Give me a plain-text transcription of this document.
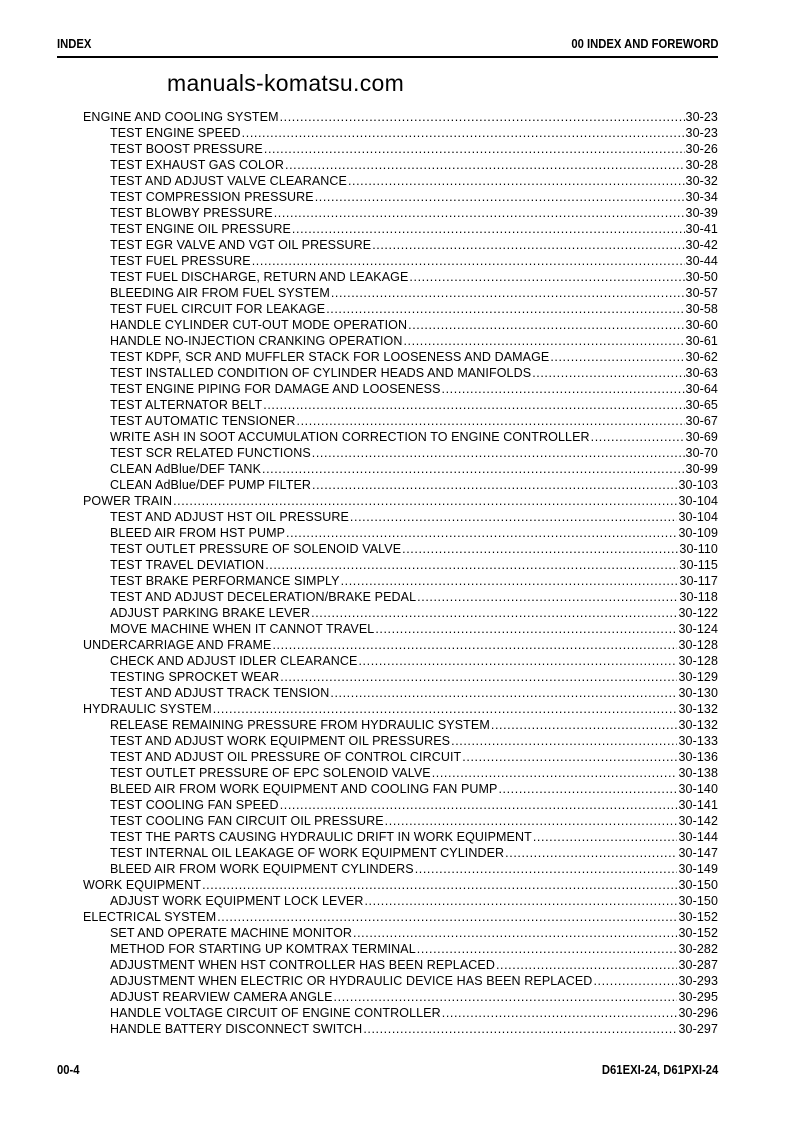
INDEX	00 INDEX AND FOREWORD
manuals-komatsu.com
ENGINE AND COOLING SYSTEM .....	30-23
TEST ENGINE SPEED .....	30-23
TEST BOOST PRESSURE .....	30-26
TEST EXHAUST GAS COLOR .....	30-28
TEST AND ADJUST VALVE CLEARANCE .....	30-32
TEST COMPRESSION PRESSURE .....	30-34
TEST BLOWBY PRESSURE .....	30-39
TEST ENGINE OIL PRESSURE .....	30-41
TEST EGR VALVE AND VGT OIL PRESSURE .....	30-42
TEST FUEL PRESSURE .....	30-44
TEST FUEL DISCHARGE, RETURN AND LEAKAGE .....	30-50
BLEEDING AIR FROM FUEL SYSTEM .....	30-57
TEST FUEL CIRCUIT FOR LEAKAGE .....	30-58
HANDLE CYLINDER CUT-OUT MODE OPERATION .....	30-60
HANDLE NO-INJECTION CRANKING OPERATION .....	30-61
TEST KDPF, SCR AND MUFFLER STACK FOR LOOSENESS AND DAMAGE .....	30-62
TEST INSTALLED CONDITION OF CYLINDER HEADS AND MANIFOLDS .....	30-63
TEST ENGINE PIPING FOR DAMAGE AND LOOSENESS .....	30-64
TEST ALTERNATOR BELT .....	30-65
TEST AUTOMATIC TENSIONER .....	30-67
WRITE ASH IN SOOT ACCUMULATION CORRECTION TO ENGINE CONTROLLER .....	30-69
TEST SCR RELATED FUNCTIONS .....	30-70
CLEAN AdBlue/DEF TANK .....	30-99
CLEAN AdBlue/DEF PUMP FILTER .....	30-103
POWER TRAIN .....	30-104
TEST AND ADJUST HST OIL PRESSURE .....	30-104
BLEED AIR FROM HST PUMP .....	30-109
TEST OUTLET PRESSURE OF SOLENOID VALVE .....	30-110
TEST TRAVEL DEVIATION .....	30-115
TEST BRAKE PERFORMANCE SIMPLY .....	30-117
TEST AND ADJUST DECELERATION/BRAKE PEDAL .....	30-118
ADJUST PARKING BRAKE LEVER .....	30-122
MOVE MACHINE WHEN IT CANNOT TRAVEL .....	30-124
UNDERCARRIAGE AND FRAME .....	30-128
CHECK AND ADJUST IDLER CLEARANCE .....	30-128
TESTING SPROCKET WEAR .....	30-129
TEST AND ADJUST TRACK TENSION .....	30-130
HYDRAULIC SYSTEM .....	30-132
RELEASE REMAINING PRESSURE FROM HYDRAULIC SYSTEM .....	30-132
TEST AND ADJUST WORK EQUIPMENT OIL PRESSURES .....	30-133
TEST AND ADJUST OIL PRESSURE OF CONTROL CIRCUIT .....	30-136
TEST OUTLET PRESSURE OF EPC SOLENOID VALVE .....	30-138
BLEED AIR FROM WORK EQUIPMENT AND COOLING FAN PUMP .....	30-140
TEST COOLING FAN SPEED .....	30-141
TEST COOLING FAN CIRCUIT OIL PRESSURE .....	30-142
TEST THE PARTS CAUSING HYDRAULIC DRIFT IN WORK EQUIPMENT .....	30-144
TEST INTERNAL OIL LEAKAGE OF WORK EQUIPMENT CYLINDER .....	30-147
BLEED AIR FROM WORK EQUIPMENT CYLINDERS .....	30-149
WORK EQUIPMENT .....	30-150
ADJUST WORK EQUIPMENT LOCK LEVER .....	30-150
ELECTRICAL SYSTEM .....	30-152
SET AND OPERATE MACHINE MONITOR .....	30-152
METHOD FOR STARTING UP KOMTRAX TERMINAL .....	30-282
ADJUSTMENT WHEN HST CONTROLLER HAS BEEN REPLACED .....	30-287
ADJUSTMENT WHEN ELECTRIC OR HYDRAULIC DEVICE HAS BEEN REPLACED .....	30-293
ADJUST REARVIEW CAMERA ANGLE .....	30-295
HANDLE VOLTAGE CIRCUIT OF ENGINE CONTROLLER .....	30-296
HANDLE BATTERY DISCONNECT SWITCH .....	30-297
00-4	D61EXI-24, D61PXI-24
